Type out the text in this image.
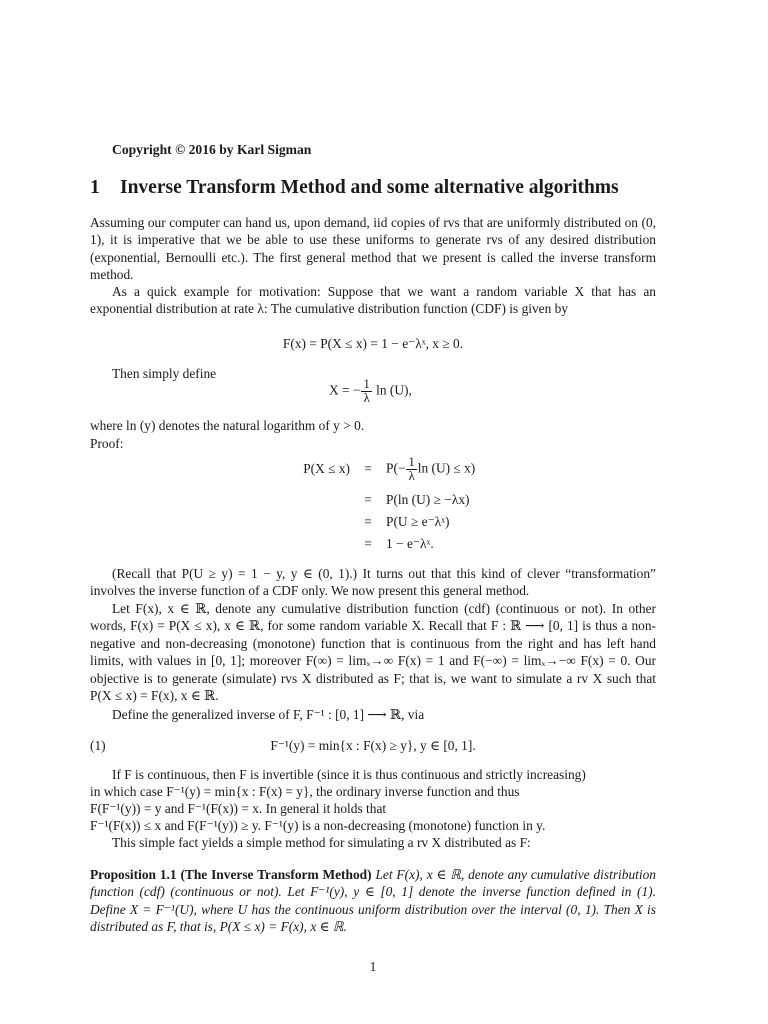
Copyright © 2016 by Karl Sigman
1 Inverse Transform Method and some alternative algorithms
Assuming our computer can hand us, upon demand, iid copies of rvs that are uniformly distributed on (0, 1), it is imperative that we be able to use these uniforms to generate rvs of any desired distribution (exponential, Bernoulli etc.). The first general method that we present is called the inverse transform method.
As a quick example for motivation: Suppose that we want a random variable X that has an exponential distribution at rate λ: The cumulative distribution function (CDF) is given by
F(x) = P(X ≤ x) = 1 − e⁻λˣ, x ≥ 0.
Then simply define
X = − $\frac{1}{\lambda}$ ln (U),
where ln (y) denotes the natural logarithm of y > 0.
Proof:
$P(X \le x) = P(- \frac{1}{\lambda}$ ln (U) ≤ x)
= P(ln (U) ≥ −λx)
= P(U ≥ e⁻λˣ)
= 1 − e⁻λˣ.
(Recall that P(U ≥ y) = 1 − y, y ∈ (0, 1).) It turns out that this kind of clever “transformation” involves the inverse function of a CDF only. We now present this general method.
Let F(x), x ∈ ℝ, denote any cumulative distribution function (cdf) (continuous or not). In other words, F(x) = P(X ≤ x), x ∈ ℝ, for some random variable X. Recall that F : ℝ ⟶ [0, 1] is thus a non-negative and non-decreasing (monotone) function that is continuous from the right and has left hand limits, with values in [0, 1]; moreover F(∞) = limₓ→∞ F(x) = 1 and F(−∞) = limₓ→−∞ F(x) = 0. Our objective is to generate (simulate) rvs X distributed as F; that is, we want to simulate a rv X such that P(X ≤ x) = F(x), x ∈ ℝ.
Define the generalized inverse of F, F⁻¹ : [0, 1] ⟶ ℝ, via
(1)	F⁻¹(y) = min{x : F(x) ≥ y}, y ∈ [0, 1].
If F is continuous, then F is invertible (since it is thus continuous and strictly increasing)
in which case F⁻¹(y) = min{x : F(x) = y}, the ordinary inverse function and thus
F(F⁻¹(y)) = y and F⁻¹(F(x)) = x. In general it holds that
F⁻¹(F(x)) ≤ x and F(F⁻¹(y)) ≥ y. F⁻¹(y) is a non-decreasing (monotone) function in y.
This simple fact yields a simple method for simulating a rv X distributed as F:
Proposition 1.1 (The Inverse Transform Method) Let F(x), x ∈ ℝ, denote any cumulative distribution function (cdf) (continuous or not). Let F⁻¹(y), y ∈ [0, 1] denote the inverse function defined in (1). Define X = F⁻¹(U), where U has the continuous uniform distribution over the interval (0, 1). Then X is distributed as F, that is, P(X ≤ x) = F(x), x ∈ ℝ.
1
